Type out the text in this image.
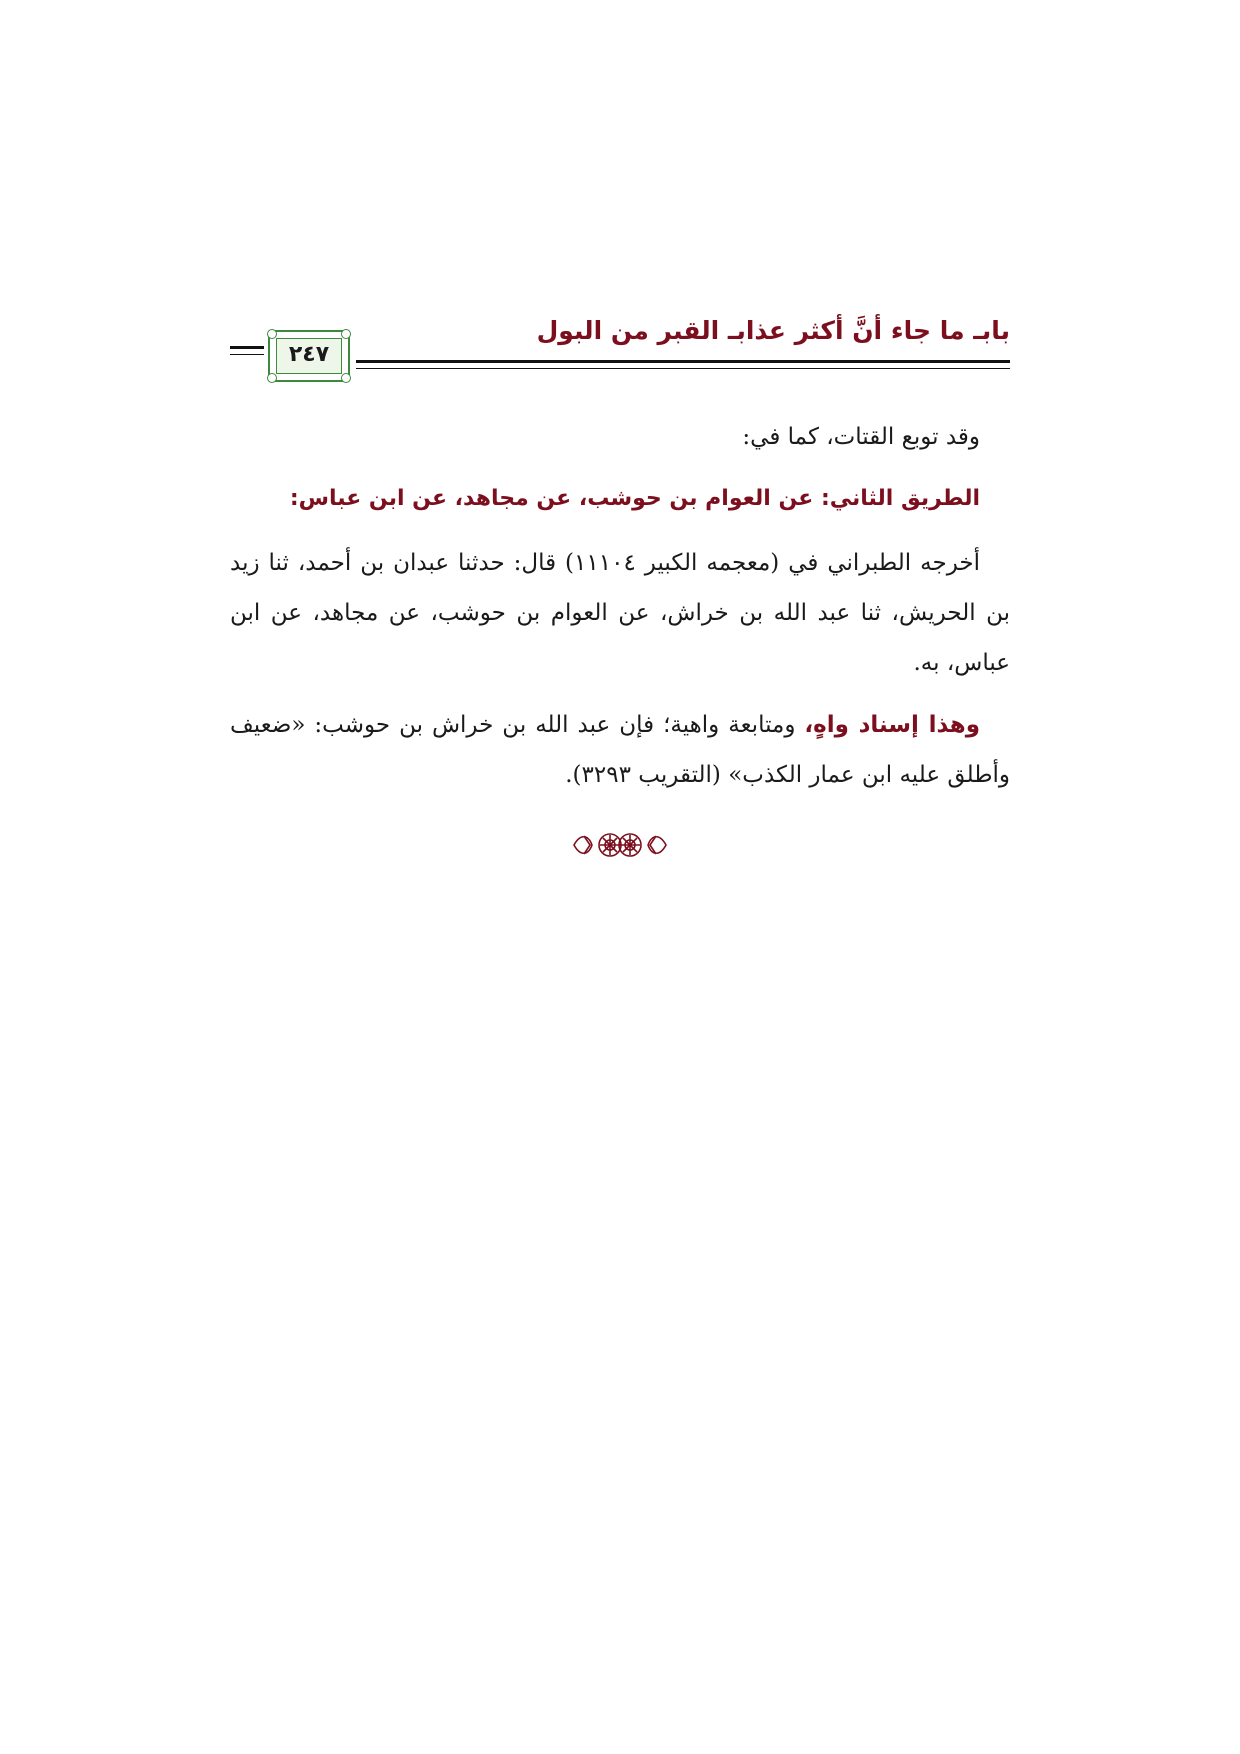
بابـ ما جاء أنَّ أكثر عذابـ القبر من البول
٢٤٧

وقد توبع القتات، كما في:

الطريق الثاني: عن العوام بن حوشب، عن مجاهد، عن ابن عباس:

أخرجه الطبراني في (معجمه الكبير ١١١٠٤) قال: حدثنا عبدان بن أحمد، ثنا زيد بن الحريش، ثنا عبد الله بن خراش، عن العوام بن حوشب، عن مجاهد، عن ابن عباس، به.

وهذا إسناد واهٍ، ومتابعة واهية؛ فإن عبد الله بن خراش بن حوشب: «ضعيف وأطلق عليه ابن عمار الكذب» (التقريب ٣٢٩٣).
